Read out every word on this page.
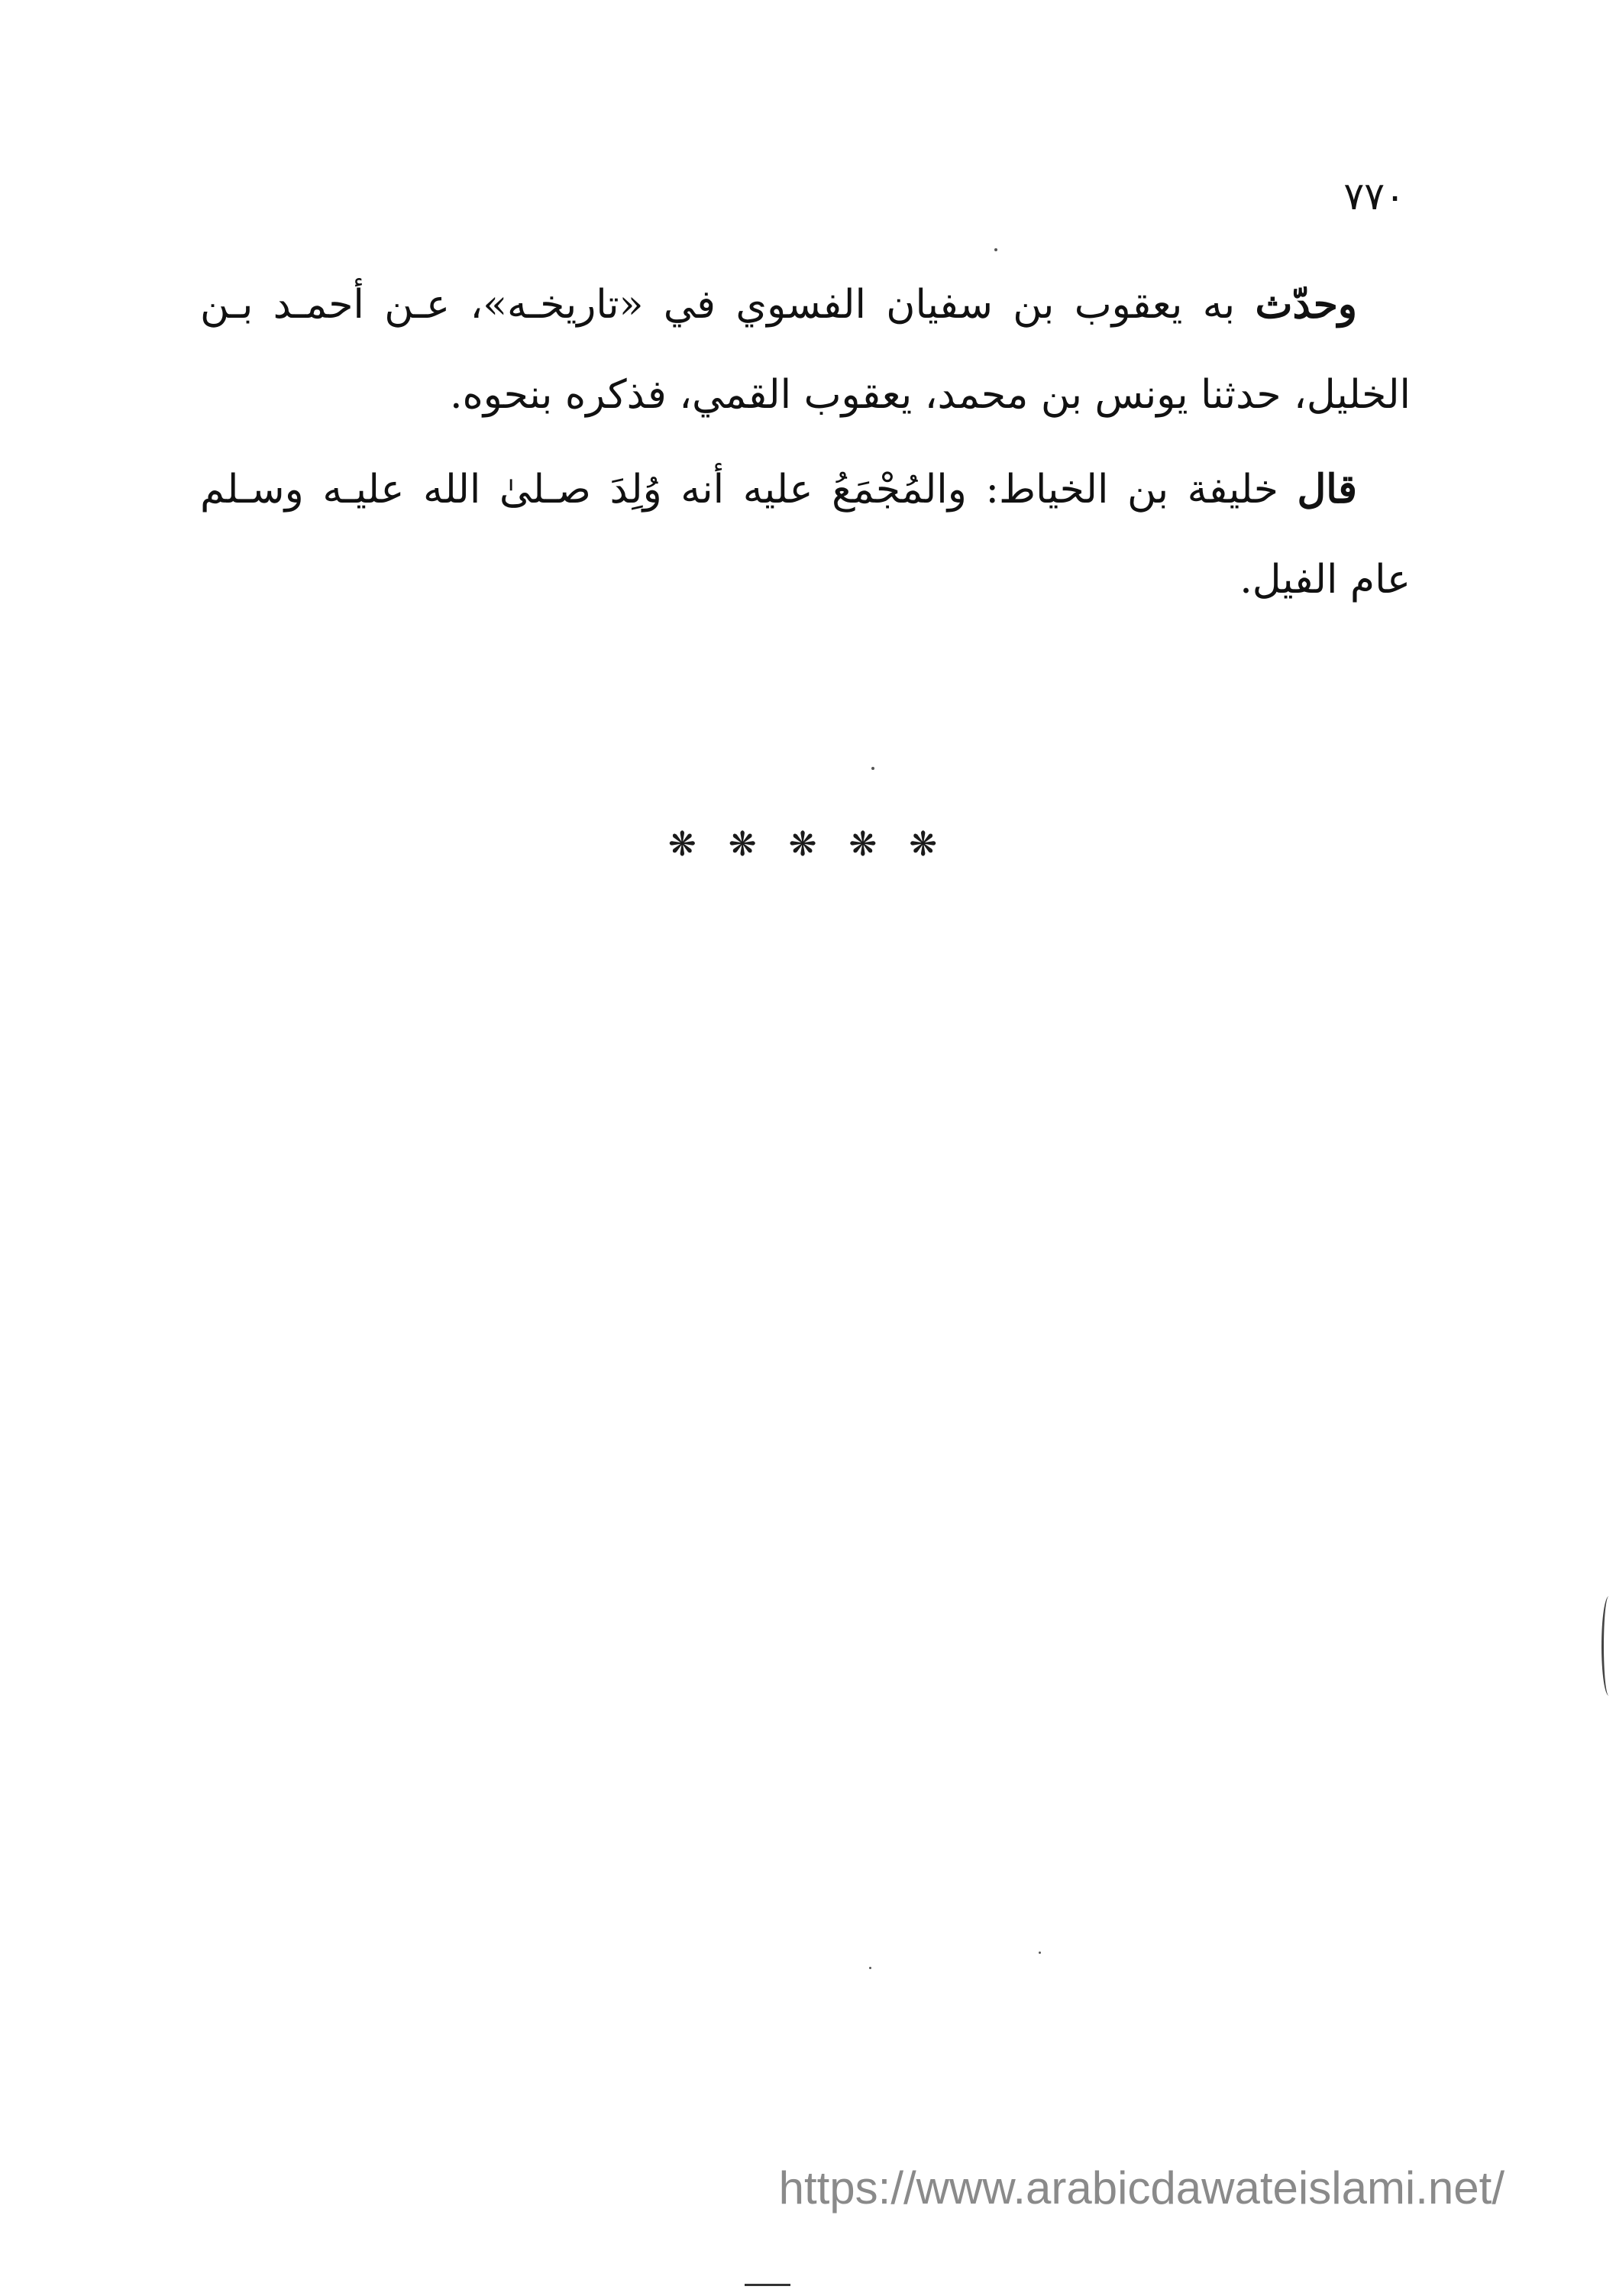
٧٧٠

وحدّث به يعقوب بن سفيان الفسوي في «تاريخـه»، عـن أحمـد بـن الخليل، حدثنا يونس بن محمد، يعقوب القمي، فذكره بنحوه.

قال خليفة بن الخياط: والمُجْمَعُ عليه أنه وُلِدَ صـلىٰ الله عليـه وسـلم عام الفيل.

❋ ❋ ❋ ❋ ❋
https://www.arabicdawateislami.net/
